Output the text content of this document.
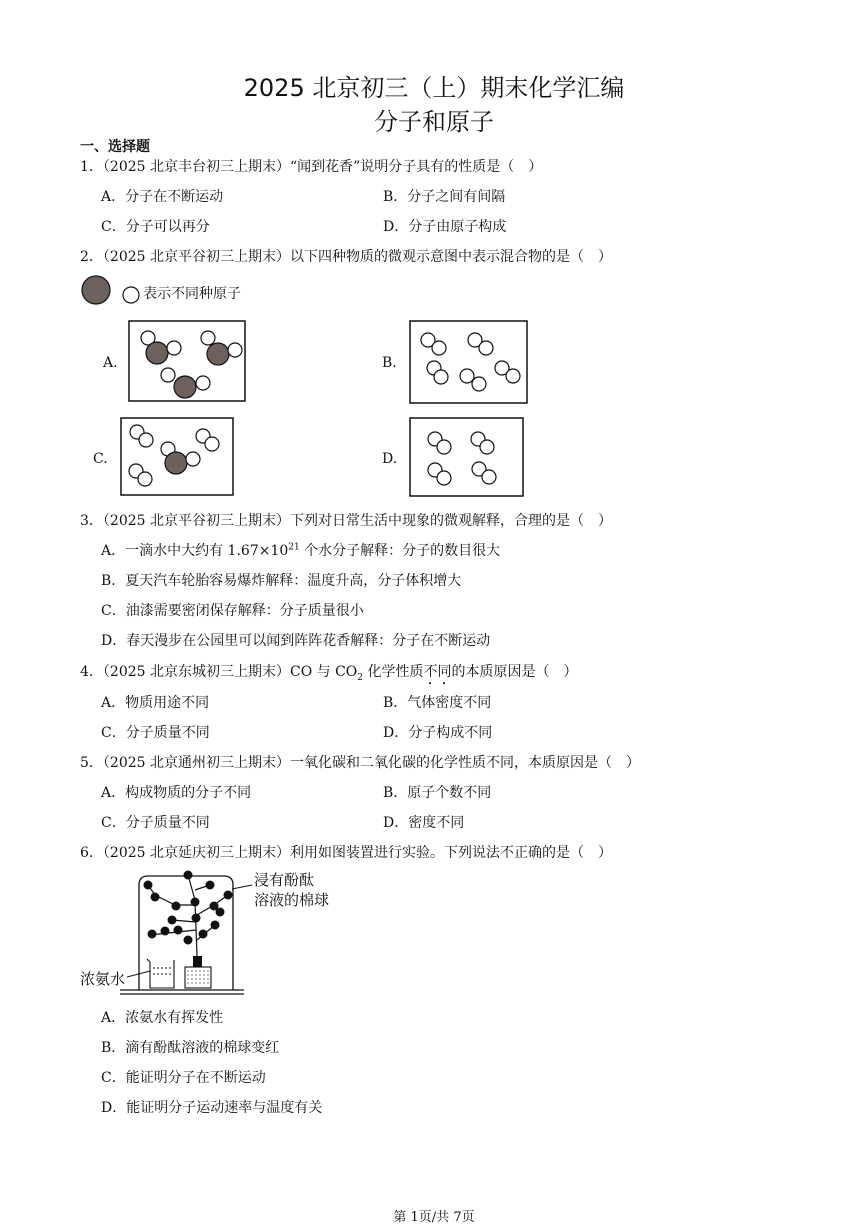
2025 北京初三（上）期末化学汇编
分子和原子
一、选择题
1．（2025 北京丰台初三上期末）“闻到花香”说明分子具有的性质是（　）
A．分子在不断运动	B．分子之间有间隔
C．分子可以再分	D．分子由原子构成
2．（2025 北京平谷初三上期末）以下四种物质的微观示意图中表示混合物的是（　）
表示不同种原子
A.	B.
C.	D.
3．（2025 北京平谷初三上期末）下列对日常生活中现象的微观解释，合理的是（　）
A．一滴水中大约有 $1.67\times 10^{21}$ 个水分子解释：分子的数目很大
B．夏天汽车轮胎容易爆炸解释：温度升高，分子体积增大
C．油漆需要密闭保存解释：分子质量很小
D．春天漫步在公园里可以闻到阵阵花香解释：分子在不断运动
4．（2025 北京东城初三上期末）CO 与 $CO_2$ 化学性质不同的本质原因是（　）
A．物质用途不同	B．气体密度不同
C．分子质量不同	D．分子构成不同
5．（2025 北京通州初三上期末）一氧化碳和二氧化碳的化学性质不同，本质原因是（　）
A．构成物质的分子不同	B．原子个数不同
C．分子质量不同	D．密度不同
6．（2025 北京延庆初三上期末）利用如图装置进行实验。下列说法不正确的是（　）
浸有酚酞
溶液的棉球
浓氨水
A．浓氨水有挥发性
B．滴有酚酞溶液的棉球变红
C．能证明分子在不断运动
D．能证明分子运动速率与温度有关
第 1页/共 7页
